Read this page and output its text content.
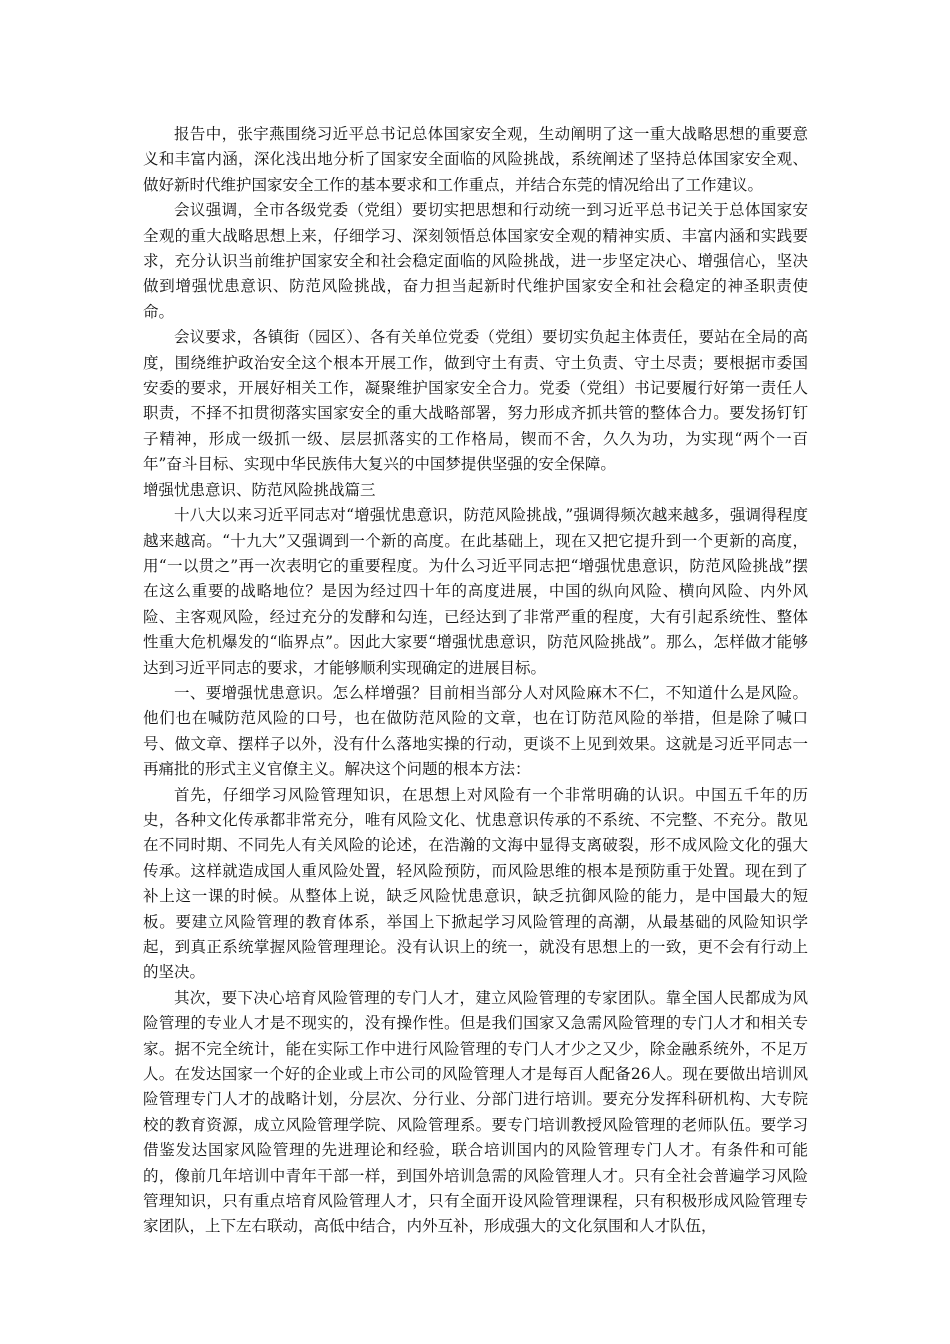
报告中，张宇燕围绕习近平总书记总体国家安全观，生动阐明了这一重大战略思想的重要意义和丰富内涵，深化浅出地分析了国家安全面临的风险挑战，系统阐述了坚持总体国家安全观、做好新时代维护国家安全工作的基本要求和工作重点，并结合东莞的情况给出了工作建议。

会议强调，全市各级党委（党组）要切实把思想和行动统一到习近平总书记关于总体国家安全观的重大战略思想上来，仔细学习、深刻领悟总体国家安全观的精神实质、丰富内涵和实践要求，充分认识当前维护国家安全和社会稳定面临的风险挑战，进一步坚定决心、增强信心，坚决做到增强忧患意识、防范风险挑战，奋力担当起新时代维护国家安全和社会稳定的神圣职责使命。

会议要求，各镇街（园区）、各有关单位党委（党组）要切实负起主体责任，要站在全局的高度，围绕维护政治安全这个根本开展工作，做到守土有责、守土负责、守土尽责；要根据市委国安委的要求，开展好相关工作，凝聚维护国家安全合力。党委（党组）书记要履行好第一责任人职责，不择不扣贯彻落实国家安全的重大战略部署，努力形成齐抓共管的整体合力。要发扬钉钉子精神，形成一级抓一级、层层抓落实的工作格局，锲而不舍，久久为功，为实现“两个一百年”奋斗目标、实现中华民族伟大复兴的中国梦提供坚强的安全保障。

增强忧患意识、防范风险挑战篇三

十八大以来习近平同志对“增强忧患意识，防范风险挑战，”强调得频次越来越多，强调得程度越来越高。“十九大”又强调到一个新的高度。在此基础上，现在又把它提升到一个更新的高度，用“一以贯之”再一次表明它的重要程度。为什么习近平同志把“增强忧患意识，防范风险挑战”摆在这么重要的战略地位？是因为经过四十年的高度进展，中国的纵向风险、横向风险、内外风险、主客观风险，经过充分的发酵和勾连，已经达到了非常严重的程度，大有引起系统性、整体性重大危机爆发的“临界点”。因此大家要“增强忧患意识，防范风险挑战”。那么，怎样做才能够达到习近平同志的要求，才能够顺利实现确定的进展目标。

一、要增强忧患意识。怎么样增强？目前相当部分人对风险麻木不仁，不知道什么是风险。他们也在喊防范风险的口号，也在做防范风险的文章，也在订防范风险的举措，但是除了喊口号、做文章、摆样子以外，没有什么落地实操的行动，更谈不上见到效果。这就是习近平同志一再痛批的形式主义官僚主义。解决这个问题的根本方法：

首先，仔细学习风险管理知识，在思想上对风险有一个非常明确的认识。中国五千年的历史，各种文化传承都非常充分，唯有风险文化、忧患意识传承的不系统、不完整、不充分。散见在不同时期、不同先人有关风险的论述，在浩瀚的文海中显得支离破裂，形不成风险文化的强大传承。这样就造成国人重风险处置，轻风险预防，而风险思维的根本是预防重于处置。现在到了补上这一课的时候。从整体上说，缺乏风险忧患意识，缺乏抗御风险的能力，是中国最大的短板。要建立风险管理的教育体系，举国上下掀起学习风险管理的高潮，从最基础的风险知识学起，到真正系统掌握风险管理理论。没有认识上的统一，就没有思想上的一致，更不会有行动上的坚决。

其次，要下决心培育风险管理的专门人才，建立风险管理的专家团队。靠全国人民都成为风险管理的专业人才是不现实的，没有操作性。但是我们国家又急需风险管理的专门人才和相关专家。据不完全统计，能在实际工作中进行风险管理的专门人才少之又少，除金融系统外，不足万人。在发达国家一个好的企业或上市公司的风险管理人才是每百人配备26人。现在要做出培训风险管理专门人才的战略计划，分层次、分行业、分部门进行培训。要充分发挥科研机构、大专院校的教育资源，成立风险管理学院、风险管理系。要专门培训教授风险管理的老师队伍。要学习借鉴发达国家风险管理的先进理论和经验，联合培训国内的风险管理专门人才。有条件和可能的，像前几年培训中青年干部一样，到国外培训急需的风险管理人才。只有全社会普遍学习风险管理知识，只有重点培育风险管理人才，只有全面开设风险管理课程，只有积极形成风险管理专家团队，上下左右联动，高低中结合，内外互补，形成强大的文化氛围和人才队伍，
